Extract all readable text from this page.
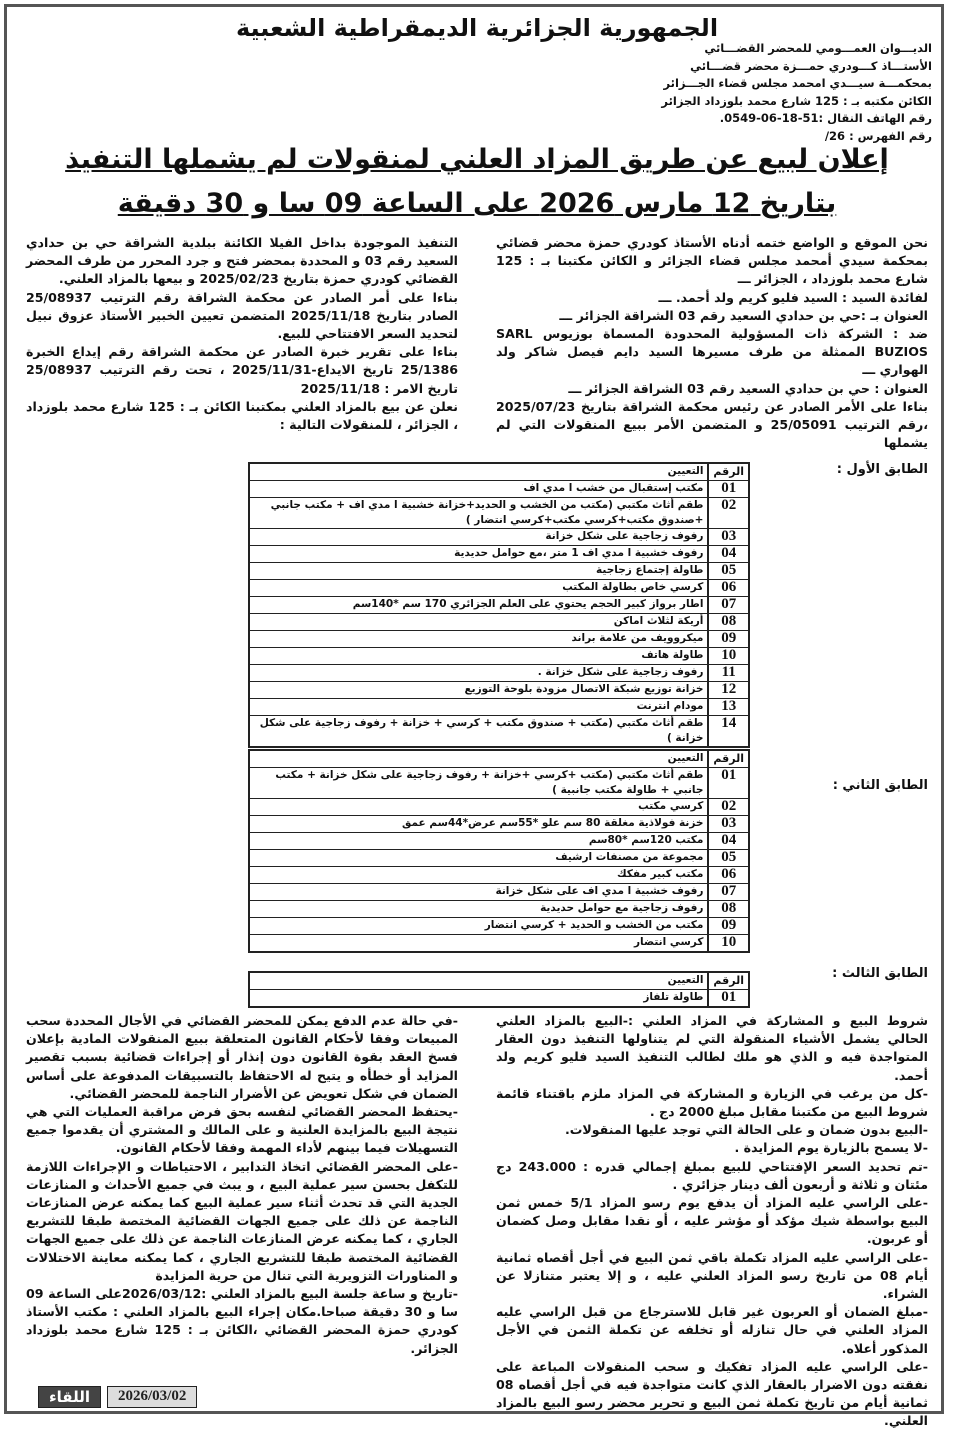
الجمهورية الجزائرية الديمقراطية الشعبية
الديـــوان العمـــومي للمحضر القضـــائي
الأستـــاذ كـــودري حمـــزة محضر قضـــائي
بمحكمـــة سيـــدي امحمد مجلس قضاء الجـــزائر
الكائن مكتبه بـ : 125 شارع محمد بلوزداد الجزائر
رقم الهاتف النقال :51-18-06-0549.
رقم الفهرس : 26/
إعلان لبيع عن طريق المزاد العلني لمنقولات لم يشملها التنفيذ
بتاريخ 12 مارس 2026 على الساعة 09 سا و 30 دقيقة

نحن الموقع و الواضع ختمه أدناه الأستاذ كودري حمزة محضر قضائي بمحكمة سيدي أمحمد مجلس قضاء الجزائر و الكائن مكتبنا بـ : 125 شارع محمد بلوزداد ، الجزائر ـــ

لفائدة السيد : السيد فليو كريم ولد أحمد. ـــ

العنوان بـ :حي بن حدادي السعيد رقم 03 الشراقة الجزائر ـــ

ضد : الشركة ذات المسؤولية المحدودة المسماة بوزيوس SARL BUZIOS الممثلة من طرف مسيرها السيد دايم فيصل شاكر ولد الهواري ـــ

العنوان : حي بن حدادي السعيد رقم 03 الشراقة الجزائر ـــ

بناءا على الأمر الصادر عن رئيس محكمة الشراقة بتاريخ 2025/07/23 ،رقم الترتيب 25/05091 و المتضمن الأمر ببيع المنقولات التي لم يشملها

التنفيذ الموجودة بداخل الفيلا الكائنة ببلدية الشراقة حي بن حدادي السعيد رقم 03 و المحددة بمحضر فتح و جرد المحرر من طرف المحضر القضائي كودري حمزة بتاريخ 2025/02/23 و بيعها بالمزاد العلني.

بناءا على أمر الصادر عن محكمة الشراقة رقم الترتيب 25/08937 الصادر بتاريخ 2025/11/18 المتضمن تعيين الخبير الأستاذ عزوق نبيل لتحديد السعر الافتتاحي للبيع.

بناءا على تقرير خبرة الصادر عن محكمة الشراقة رقم إيداع الخبرة 25/1386 تاريخ الايداع-2025/11/31 ، تحت رقم الترتيب 25/08937 تاريخ الامر : 2025/11/18

نعلن عن بيع بالمزاد العلني بمكتبنا الكائن بـ : 125 شارع محمد بلوزداد ، الجزائر ، للمنقولات التالية :

الطابق الأول :
الرقم	التعيين
01	مكتب إستقبال من خشب ا مدي اف
02	طقم أثاث مكتبي (مكتب من الخشب و الحديد+خزانة خشبية ا مدي اف + مكتب جانبي +صندوق مكتب+كرسي مكتب+كرسي انتضار )
03	رفوف زجاجية على شكل خزانة
04	رفوف خشبية ا مدي اف 1 متر ،مع حوامل حديدية
05	طاولة إجتماع زجاجية
06	كرسي خاص بطاولة المكتب
07	اطار برواز كبير الحجم يحتوي على العلم الجزائري 170 سم *140سم
08	أريكة لثلاث اماكن
09	ميكروويف من علامة براند
10	طاولة هاتف
11	رفوف زجاجية على شكل خزانة .
12	خزانة توزيع شبكة الاتصال مزودة بلوحة التوزيع
13	مودام انترنت
14	طقم أثاث مكتبي (مكتب + صندوق مكتب + كرسي + خزانة + رفوف زجاجية على شكل خزانة )
الطابق الثاني :
الرقم	التعيين
01	طقم أثاث مكتبي (مكتب +كرسي +خزانة + رفوف زجاجية على شكل خزانة + مكتب جانبي + طاولة مكتب جانبية )
02	كرسي مكتب
03	خزنة فولاذية مغلقة 80 سم علو *55سم عرض*44سم عمق
04	مكتب 120سم *80سم
05	مجموعة من مصنفات ارشيف
06	مكتب كبير مفكك
07	رفوف خشبية ا مدي اف على شكل خزانة
08	رفوف زجاجية مع حوامل حديدية
09	مكتب من الخشب و الحديد + كرسي انتضار
10	كرسي انتضار
الطابق الثالث :
الرقم	التعيين
01	طاولة تلفاز

شروط البيع و المشاركة في المزاد العلني :-البيع بالمزاد العلني الحالي يشمل الأشياء المنقولة التي لم يتناولها التنفيذ دون العقار المتواجدة فيه و الذي هو ملك لطالب التنفيذ السيد فليو كريم ولد أحمد.

-كل من يرغب في الزيارة و المشاركة في المزاد ملزم باقتناء قائمة شروط البيع من مكتبنا مقابل مبلغ 2000 دج .

-البيع بدون ضمان و على الحالة التي توجد عليها المنقولات.

-لا يسمح بالزيارة يوم المزايدة .

-تم تحديد السعر الإفتتاحي للبيع بمبلغ إجمالي قدره : 243.000 دج مئتان و ثلاثة و أربعون ألف دينار جزائري .

-على الراسي عليه المزاد أن يدفع يوم رسو المزاد 5/1 خمس ثمن البيع بواسطة شيك مؤكد أو مؤشر عليه ، أو نقدا مقابل وصل كضمان أو عربون.

-على الراسي عليه المزاد تكملة باقي ثمن البيع في أجل أقصاه ثمانية أيام 08 من تاريخ رسو المزاد العلني عليه ، و إلا يعتبر متنازلا عن الشراء.

-مبلغ الضمان أو العربون غير قابل للاسترجاع من قبل الراسي عليه المزاد العلني في حال تنازله أو تخلفه عن تكملة الثمن في الأجل المذكور أعلاه.

-على الراسي عليه المزاد تفكيك و سحب المنقولات المباعة على نفقته دون الاضرار بالعقار الذي كانت متواجدة فيه في أجل أقصاه 08 ثمانية أيام من تاريخ تكملة ثمن البيع و تحرير محضر رسو البيع بالمزاد العلني.

-في حالة عدم الدفع يمكن للمحضر القضائي في الأجال المحددة سحب المبيعات وفقا لأحكام القانون المتعلقة ببيع المنقولات المادية بإعلان فسخ العقد بقوة القانون دون إنذار أو إجراءات قضائية بسبب تقصير المزايد أو خطأه و يتيح له الاحتفاظ بالتسبيقات المدفوعة على أساس الضمان في شكل تعويض عن الأضرار الناجمة للمحضر القضائي.

-يحتفظ المحضر القضائي لنفسه بحق فرض مراقبة العمليات التي هي نتيجة البيع بالمزايدة العلنية و على المالك و المشتري أن يقدموا جميع التسهيلات فيما بينهم لأداء المهمة وفقا لأحكام القانون.

-على المحضر القضائي اتخاذ التدابير ، الاحتياطات و الإجراءات اللازمة للتكفل بحسن سير عملية البيع ، و يبث في جميع الأحداث و المنازعات الجدية التي قد تحدث أثناء سير عملية البيع كما يمكنه عرض المنازعات الناجمة عن ذلك على جميع الجهات القضائية المختصة طبقا للتشريع الجاري ، كما يمكنه عرض المنازعات الناجمة عن ذلك على جميع الجهات القضائية المختصة طبقا للتشريع الجاري ، كما يمكنه معاينة الاختلالات و المناورات التزويرية التي تنال من حرية المزايدة

-تاريخ و ساعة جلسة البيع بالمزاد العلني :2026/03/12على الساعة 09 سا و 30 دقيقة صباحا.مكان إجراء البيع بالمزاد العلني : مكتب الأستاذ كودري حمزة المحضر القضائي ،الكائن بـ : 125 شارع محمد بلوزداد الجزائر.

اللقاء	2026/03/02
